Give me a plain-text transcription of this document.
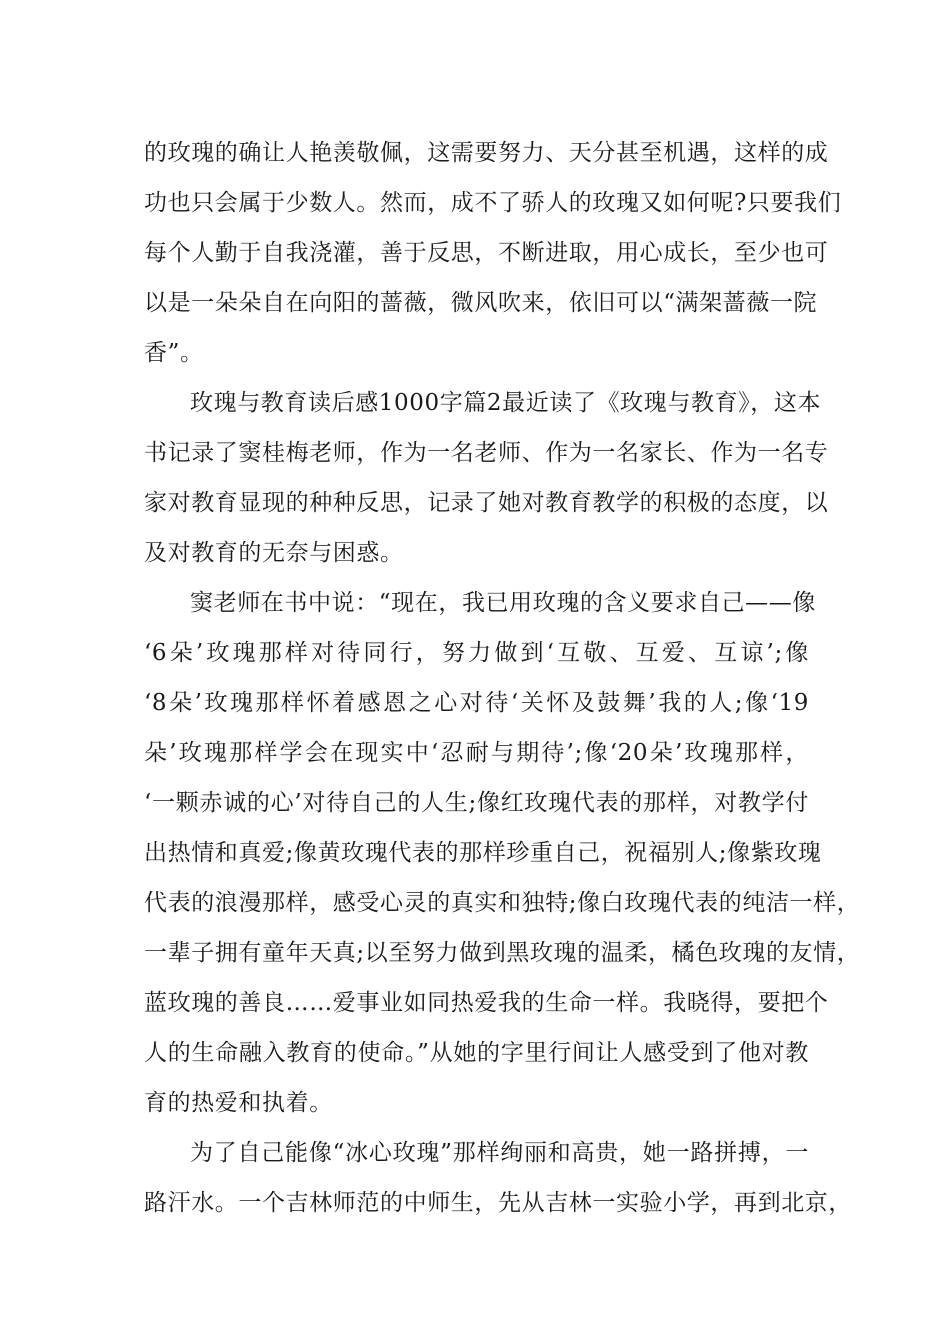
的玫瑰的确让人艳羡敬佩，这需要努力、天分甚至机遇，这样的成
功也只会属于少数人。然而，成不了骄人的玫瑰又如何呢?只要我们
每个人勤于自我浇灌，善于反思，不断进取，用心成长，至少也可
以是一朵朵自在向阳的蔷薇，微风吹来，依旧可以“满架蔷薇一院
香”。
玫瑰与教育读后感1000字篇2最近读了《玫瑰与教育》，这本
书记录了窦桂梅老师，作为一名老师、作为一名家长、作为一名专
家对教育显现的种种反思，记录了她对教育教学的积极的态度，以
及对教育的无奈与困惑。
窦老师在书中说：“现在，我已用玫瑰的含义要求自己——像
‘6朵’玫瑰那样对待同行，努力做到‘互敬、互爱、互谅’;像
‘8朵’玫瑰那样怀着感恩之心对待‘关怀及鼓舞’我的人;像‘19
朵’玫瑰那样学会在现实中‘忍耐与期待’;像‘20朵’玫瑰那样，
‘一颗赤诚的心’对待自己的人生;像红玫瑰代表的那样，对教学付
出热情和真爱;像黄玫瑰代表的那样珍重自己，祝福别人;像紫玫瑰
代表的浪漫那样，感受心灵的真实和独特;像白玫瑰代表的纯洁一样，
一辈子拥有童年天真;以至努力做到黑玫瑰的温柔，橘色玫瑰的友情，
蓝玫瑰的善良……爱事业如同热爱我的生命一样。我晓得，要把个
人的生命融入教育的使命。”从她的字里行间让人感受到了他对教
育的热爱和执着。
为了自己能像“冰心玫瑰”那样绚丽和高贵，她一路拼搏，一
路汗水。一个吉林师范的中师生，先从吉林一实验小学，再到北京，
